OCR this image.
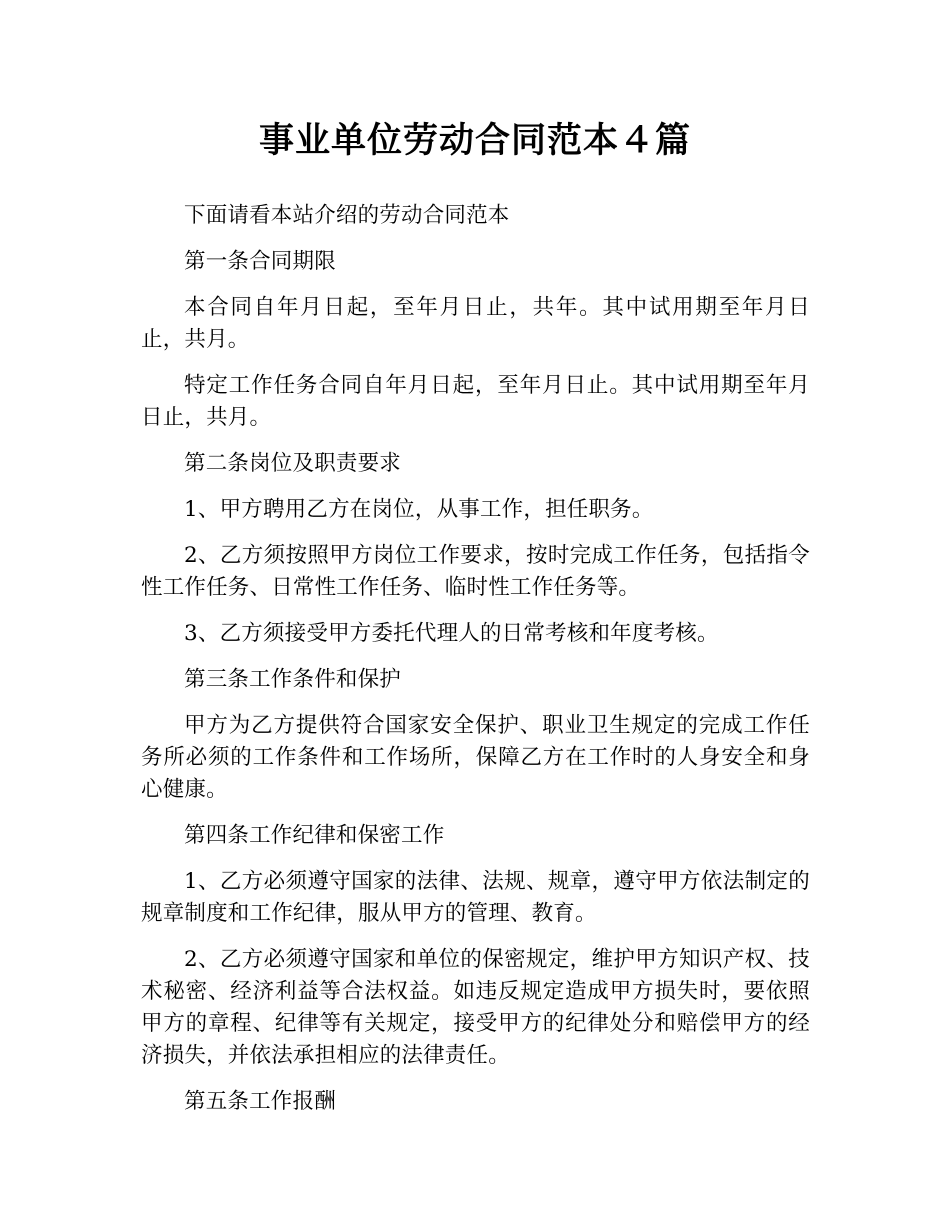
事业单位劳动合同范本４篇

下面请看本站介绍的劳动合同范本

第一条合同期限

本合同自年月日起，至年月日止，共年。其中试用期至年月日止，共月。

特定工作任务合同自年月日起，至年月日止。其中试用期至年月日止，共月。

第二条岗位及职责要求

1、甲方聘用乙方在岗位，从事工作，担任职务。

2、乙方须按照甲方岗位工作要求，按时完成工作任务，包括指令性工作任务、日常性工作任务、临时性工作任务等。

3、乙方须接受甲方委托代理人的日常考核和年度考核。

第三条工作条件和保护

甲方为乙方提供符合国家安全保护、职业卫生规定的完成工作任务所必须的工作条件和工作场所，保障乙方在工作时的人身安全和身心健康。

第四条工作纪律和保密工作

1、乙方必须遵守国家的法律、法规、规章，遵守甲方依法制定的规章制度和工作纪律，服从甲方的管理、教育。

2、乙方必须遵守国家和单位的保密规定，维护甲方知识产权、技术秘密、经济利益等合法权益。如违反规定造成甲方损失时，要依照甲方的章程、纪律等有关规定，接受甲方的纪律处分和赔偿甲方的经济损失，并依法承担相应的法律责任。

第五条工作报酬
